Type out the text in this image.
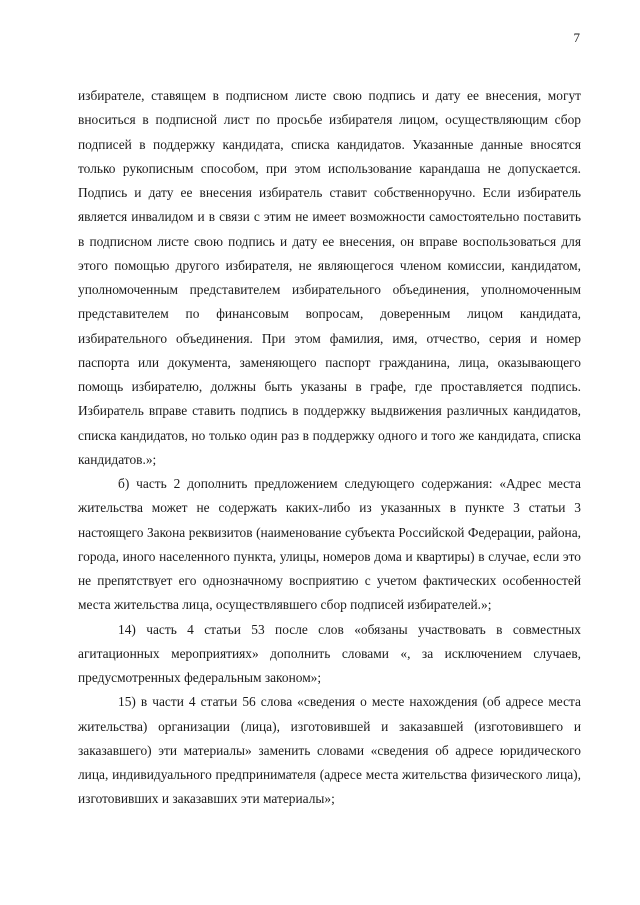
7

избирателе, ставящем в подписном листе свою подпись и дату ее внесения, могут вноситься в подписной лист по просьбе избирателя лицом, осуществляющим сбор подписей в поддержку кандидата, списка кандидатов. Указанные данные вносятся только рукописным способом, при этом использование карандаша не допускается. Подпись и дату ее внесения избиратель ставит собственноручно. Если избиратель является инвалидом и в связи с этим не имеет возможности самостоятельно поставить в подписном листе свою подпись и дату ее внесения, он вправе воспользоваться для этого помощью другого избирателя, не являющегося членом комиссии, кандидатом, уполномоченным представителем избирательного объединения, уполномоченным представителем по финансовым вопросам, доверенным лицом кандидата, избирательного объединения. При этом фамилия, имя, отчество, серия и номер паспорта или документа, заменяющего паспорт гражданина, лица, оказывающего помощь избирателю, должны быть указаны в графе, где проставляется подпись. Избиратель вправе ставить подпись в поддержку выдвижения различных кандидатов, списка кандидатов, но только один раз в поддержку одного и того же кандидата, списка кандидатов.»;

б) часть 2 дополнить предложением следующего содержания: «Адрес места жительства может не содержать каких-либо из указанных в пункте 3 статьи 3 настоящего Закона реквизитов (наименование субъекта Российской Федерации, района, города, иного населенного пункта, улицы, номеров дома и квартиры) в случае, если это не препятствует его однозначному восприятию с учетом фактических особенностей места жительства лица, осуществлявшего сбор подписей избирателей.»;

14) часть 4 статьи 53 после слов «обязаны участвовать в совместных агитационных мероприятиях» дополнить словами «, за исключением случаев, предусмотренных федеральным законом»;

15) в части 4 статьи 56 слова «сведения о месте нахождения (об адресе места жительства) организации (лица), изготовившей и заказавшей (изготовившего и заказавшего) эти материалы» заменить словами «сведения об адресе юридического лица, индивидуального предпринимателя (адресе места жительства физического лица), изготовивших и заказавших эти материалы»;
